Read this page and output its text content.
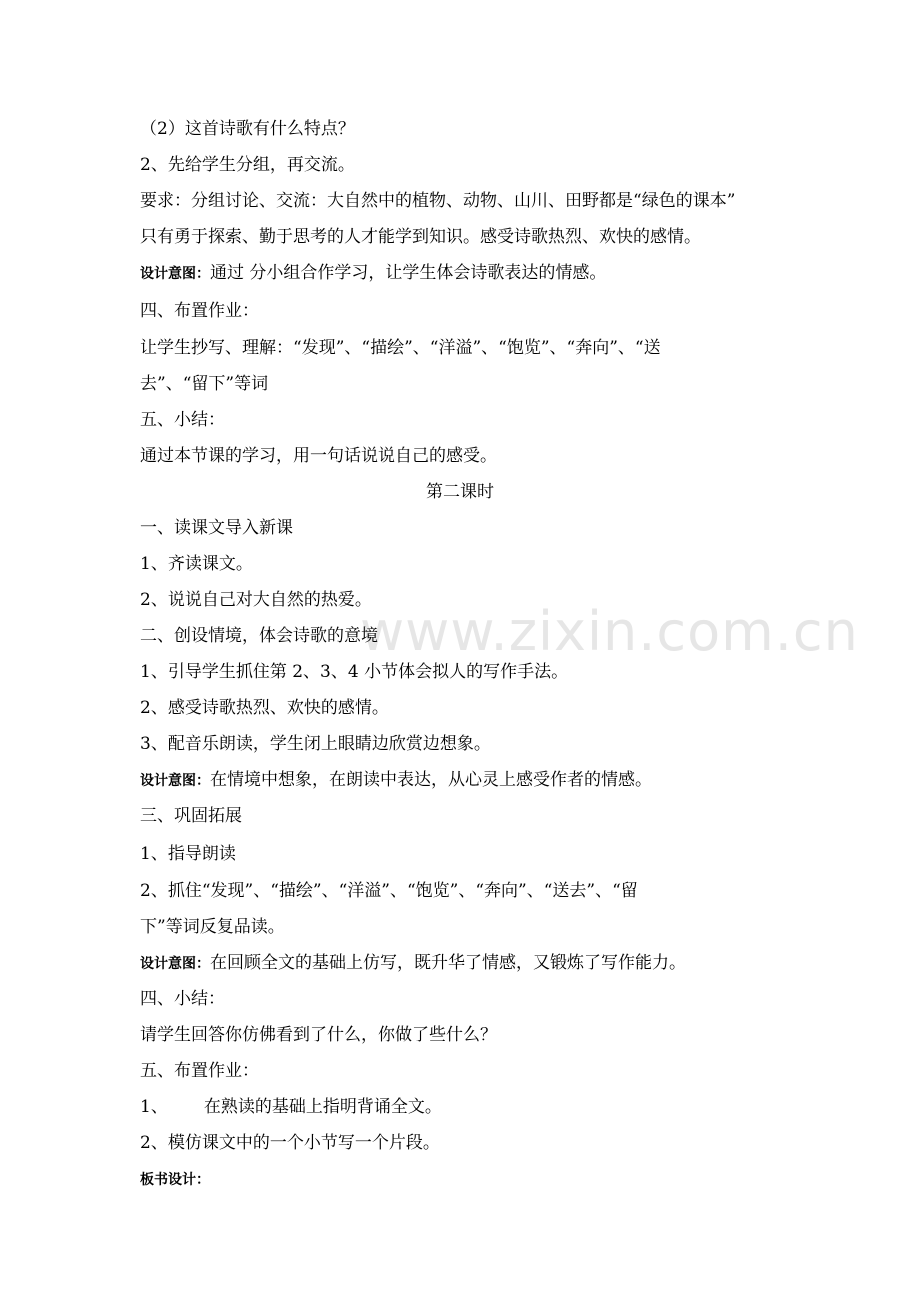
www.zixin.com.cn
（2）这首诗歌有什么特点？
2、先给学生分组，再交流。
要求：分组讨论、交流：大自然中的植物、动物、山川、田野都是“绿色的课本”
只有勇于探索、勤于思考的人才能学到知识。感受诗歌热烈、欢快的感情。
设计意图：通过 分小组合作学习，让学生体会诗歌表达的情感。
四、布置作业：
让学生抄写、理解：“发现”、“描绘”、“洋溢”、“饱览”、“奔向”、“送
去”、“留下”等词
五、小结：
通过本节课的学习，用一句话说说自己的感受。
第二课时
一、读课文导入新课
1、齐读课文。
2、说说自己对大自然的热爱。
二、创设情境，体会诗歌的意境
1、引导学生抓住第 2、3、4 小节体会拟人的写作手法。
2、感受诗歌热烈、欢快的感情。
3、配音乐朗读，学生闭上眼睛边欣赏边想象。
设计意图：在情境中想象，在朗读中表达，从心灵上感受作者的情感。
三、巩固拓展
1、指导朗读
2、抓住“发现”、“描绘”、“洋溢”、“饱览”、“奔向”、“送去”、“留
下”等词反复品读。
设计意图：在回顾全文的基础上仿写，既升华了情感，又锻炼了写作能力。
四、小结：
请学生回答你仿佛看到了什么，你做了些什么？
五、布置作业：
1、 在熟读的基础上指明背诵全文。
2、模仿课文中的一个小节写一个片段。
板书设计：
